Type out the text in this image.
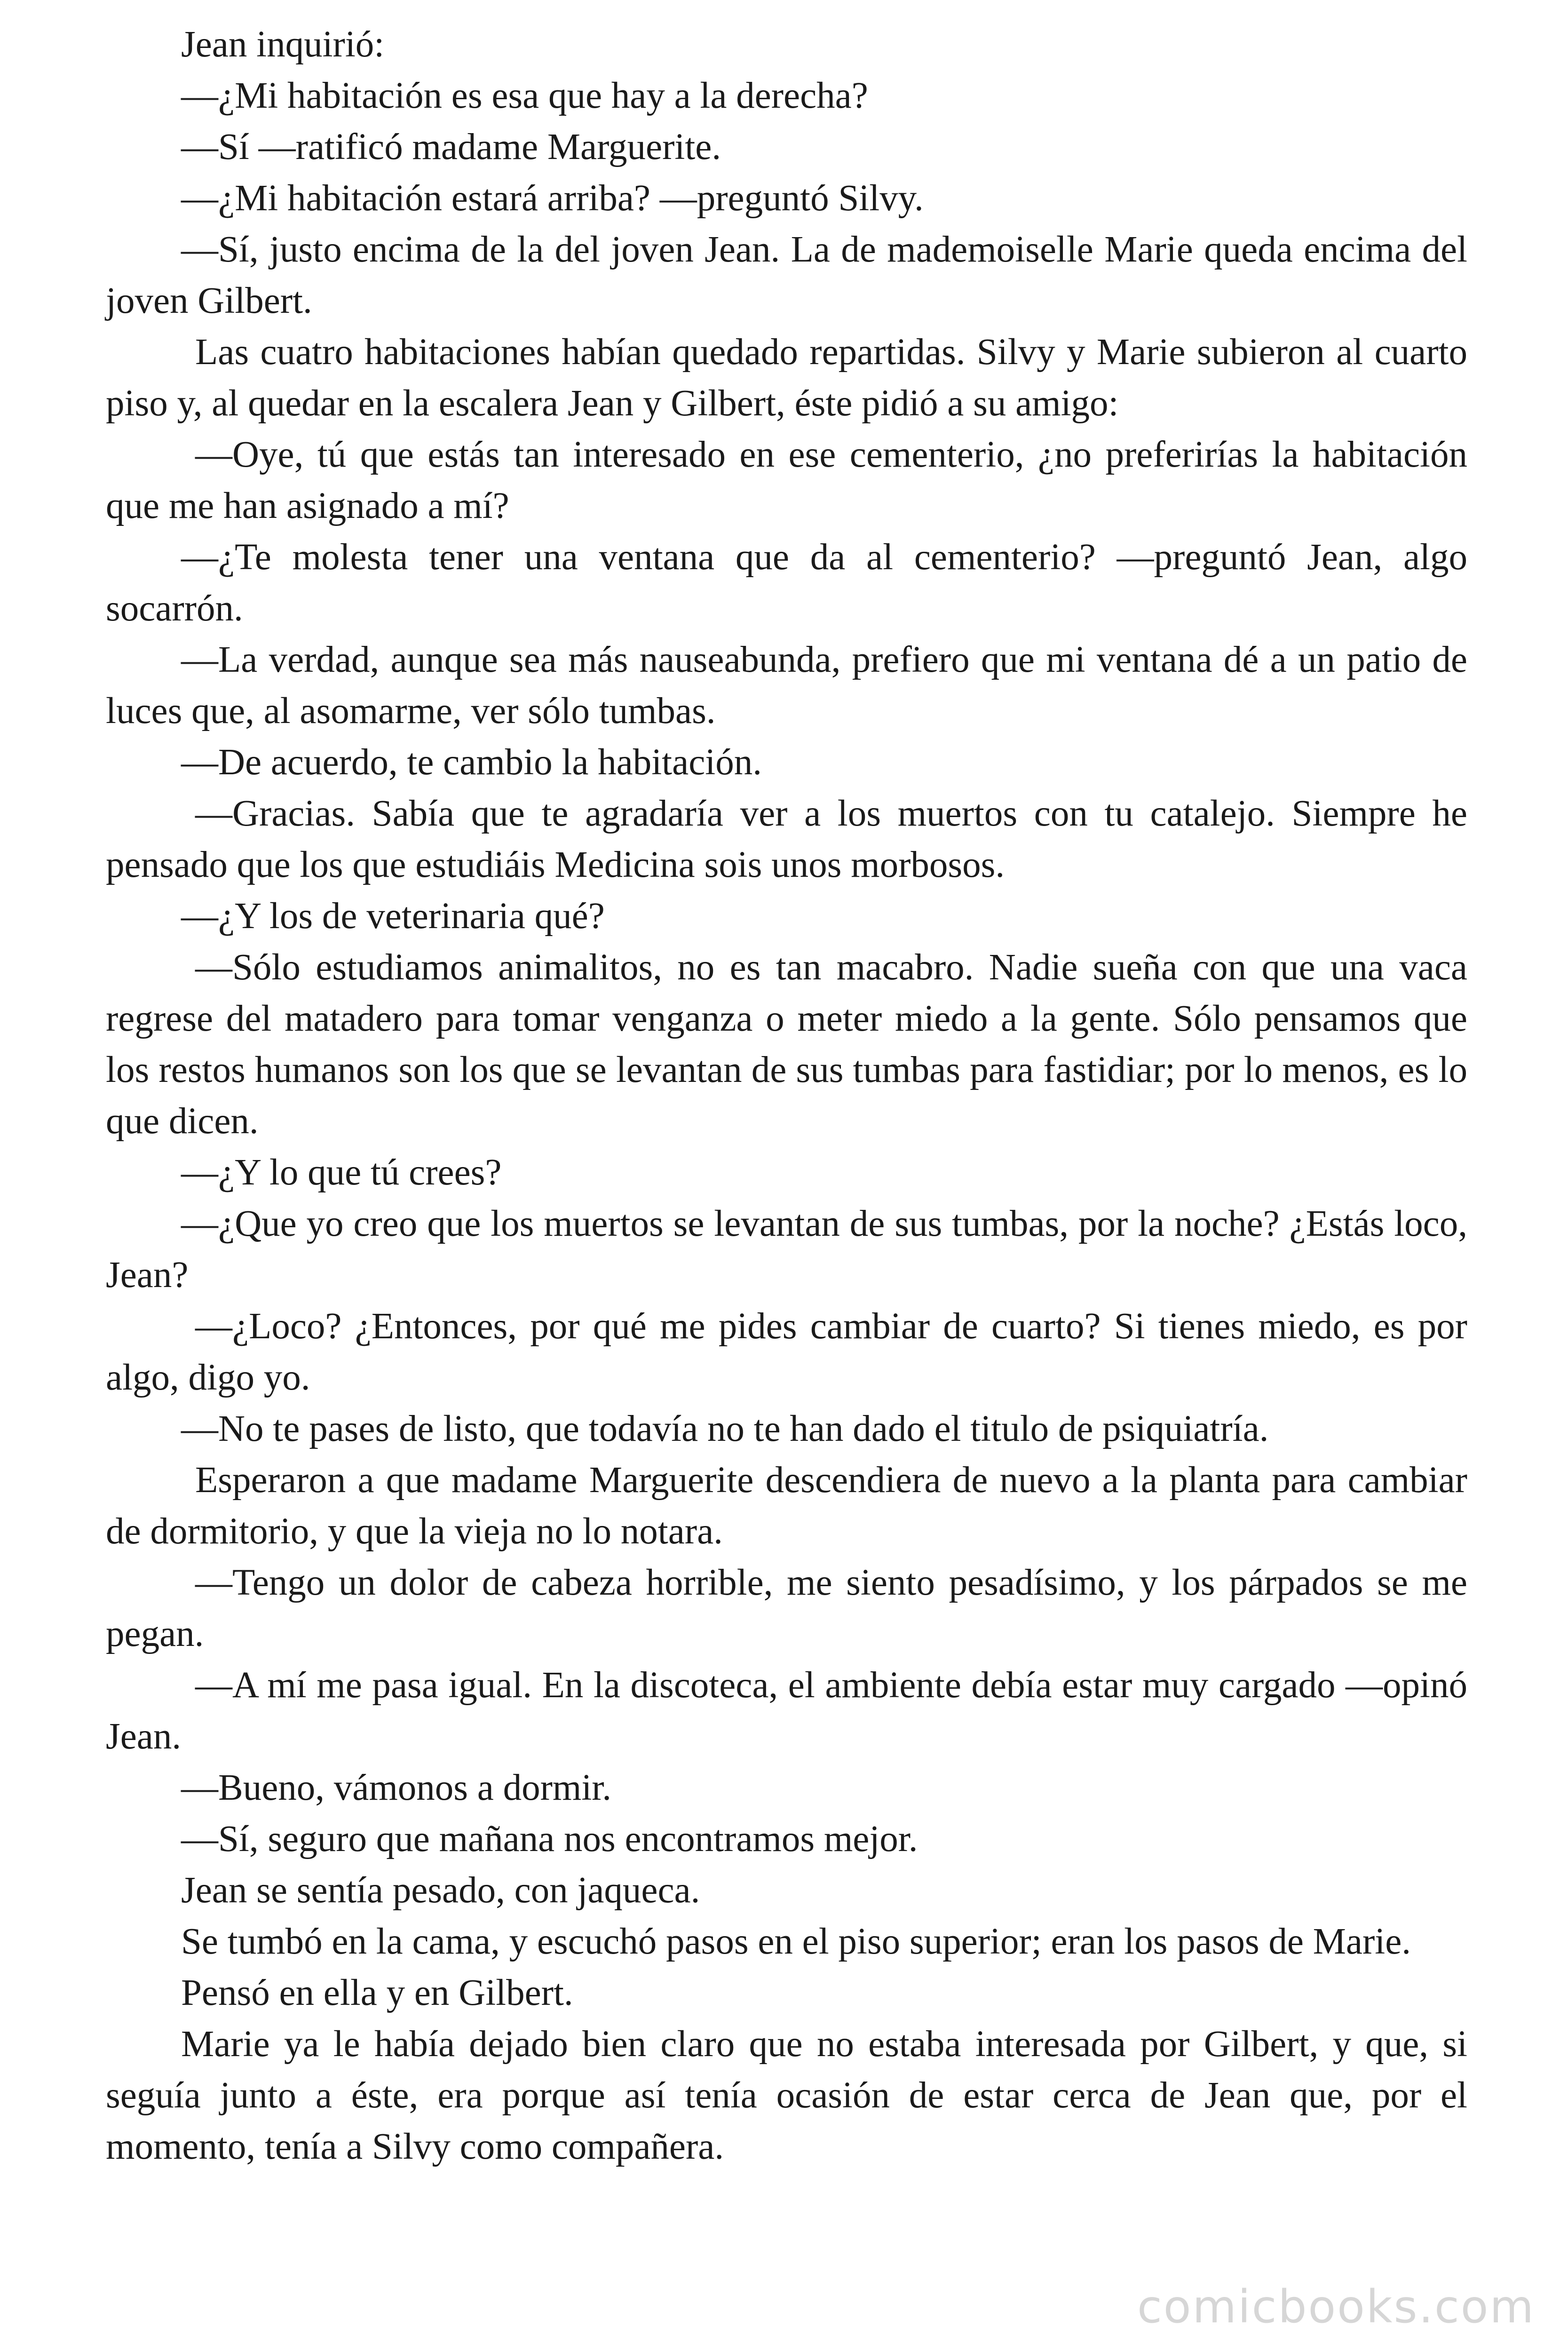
Jean inquirió:

—¿Mi habitación es esa que hay a la derecha?

—Sí —ratificó madame Marguerite.

—¿Mi habitación estará arriba? —preguntó Silvy.

—Sí, justo encima de la del joven Jean. La de mademoiselle Marie queda encima del joven Gilbert.

Las cuatro habitaciones habían quedado repartidas. Silvy y Marie subieron al cuarto piso y, al quedar en la escalera Jean y Gilbert, éste pidió a su amigo:

—Oye, tú que estás tan interesado en ese cementerio, ¿no preferirías la habitación que me han asignado a mí?

—¿Te molesta tener una ventana que da al cementerio? —preguntó Jean, algo socarrón.

—La verdad, aunque sea más nauseabunda, prefiero que mi ventana dé a un patio de luces que, al asomarme, ver sólo tumbas.

—De acuerdo, te cambio la habitación.

—Gracias. Sabía que te agradaría ver a los muertos con tu catalejo. Siempre he pensado que los que estudiáis Medicina sois unos morbosos.

—¿Y los de veterinaria qué?

—Sólo estudiamos animalitos, no es tan macabro. Nadie sueña con que una vaca regrese del matadero para tomar venganza o meter miedo a la gente. Sólo pensamos que los restos humanos son los que se levantan de sus tumbas para fastidiar; por lo menos, es lo que dicen.

—¿Y lo que tú crees?

—¿Que yo creo que los muertos se levantan de sus tumbas, por la noche? ¿Estás loco, Jean?

—¿Loco? ¿Entonces, por qué me pides cambiar de cuarto? Si tienes miedo, es por algo, digo yo.

—No te pases de listo, que todavía no te han dado el titulo de psiquiatría.

Esperaron a que madame Marguerite descendiera de nuevo a la planta para cambiar de dormitorio, y que la vieja no lo notara.

—Tengo un dolor de cabeza horrible, me siento pesadísimo, y los párpados se me pegan.

—A mí me pasa igual. En la discoteca, el ambiente debía estar muy cargado —opinó Jean.

—Bueno, vámonos a dormir.

—Sí, seguro que mañana nos encontramos mejor.

Jean se sentía pesado, con jaqueca.

Se tumbó en la cama, y escuchó pasos en el piso superior; eran los pasos de Marie.

Pensó en ella y en Gilbert.

Marie ya le había dejado bien claro que no estaba interesada por Gilbert, y que, si seguía junto a éste, era porque así tenía ocasión de estar cerca de Jean que, por el momento, tenía a Silvy como compañera.

comicbooks.com
